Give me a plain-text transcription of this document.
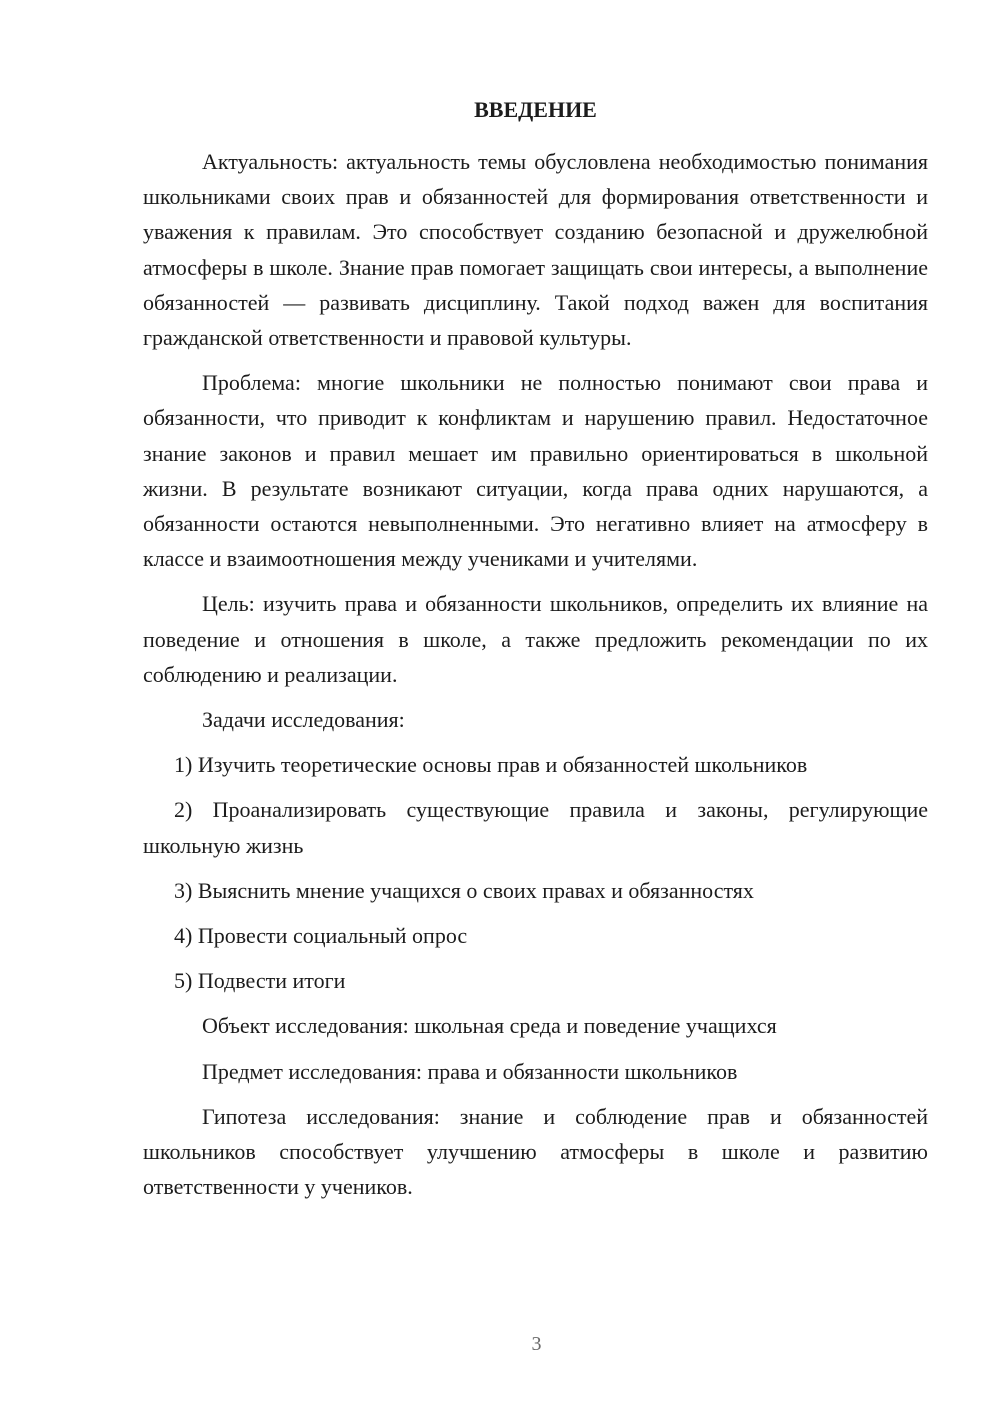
ВВЕДЕНИЕ

Актуальность: актуальность темы обусловлена необходимостью понимания школьниками своих прав и обязанностей для формирования ответственности и уважения к правилам. Это способствует созданию безопасной и дружелюбной атмосферы в школе. Знание прав помогает защищать свои интересы, а выполнение обязанностей — развивать дисциплину. Такой подход важен для воспитания гражданской ответственности и правовой культуры.

Проблема: многие школьники не полностью понимают свои права и обязанности, что приводит к конфликтам и нарушению правил. Недостаточное знание законов и правил мешает им правильно ориентироваться в школьной жизни. В результате возникают ситуации, когда права одних нарушаются, а обязанности остаются невыполненными. Это негативно влияет на атмосферу в классе и взаимоотношения между учениками и учителями.

Цель: изучить права и обязанности школьников, определить их влияние на поведение и отношения в школе, а также предложить рекомендации по их соблюдению и реализации.

Задачи исследования:

1) Изучить теоретические основы прав и обязанностей школьников

2) Проанализировать существующие правила и законы, регулирующие школьную жизнь

3) Выяснить мнение учащихся о своих правах и обязанностях

4) Провести социальный опрос

5) Подвести итоги

Объект исследования: школьная среда и поведение учащихся

Предмет исследования: права и обязанности школьников

Гипотеза исследования: знание и соблюдение прав и обязанностей школьников способствует улучшению атмосферы в школе и развитию ответственности у учеников.

3
